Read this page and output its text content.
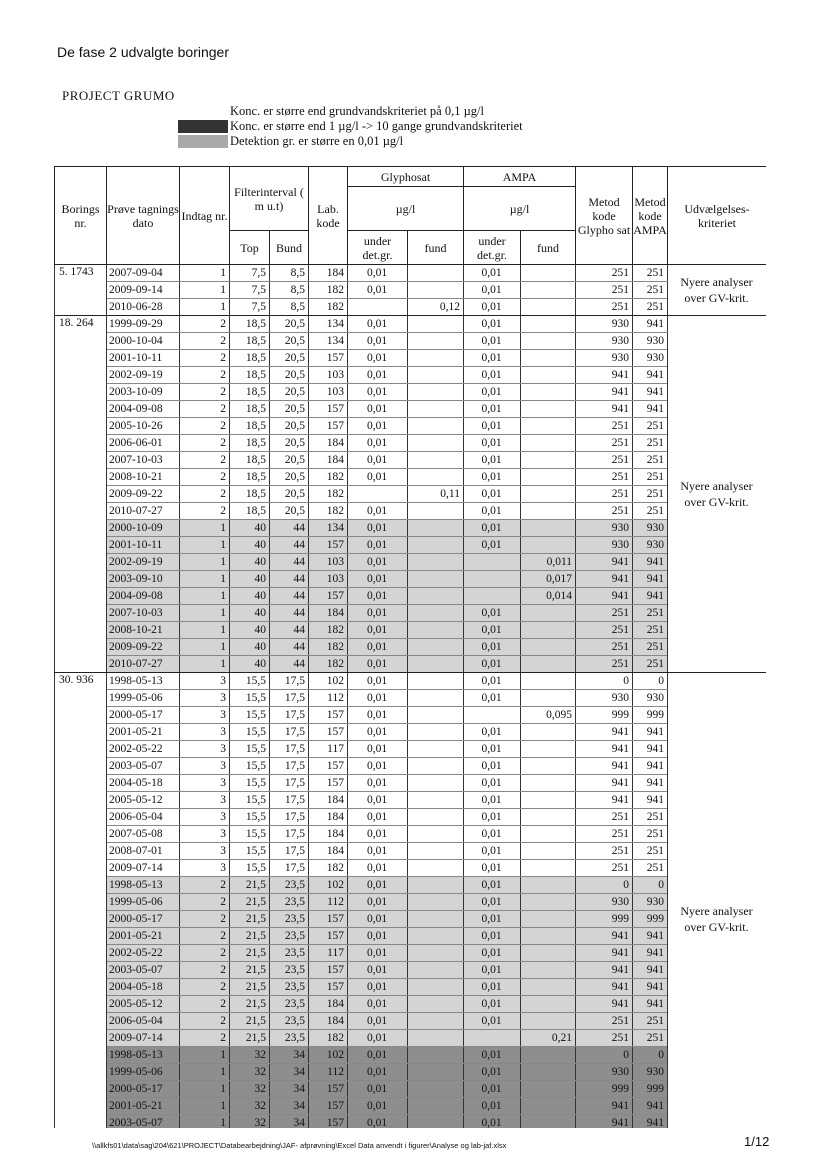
De fase 2 udvalgte boringer
PROJECT GRUMO
Konc. er større end grundvandskriteriet på 0,1 µg/l
Konc. er større end 1 µg/l -> 10 gange grundvandskriteriet
Detektion gr. er større en 0,01 µg/l
Borings nr.	Prøve tagnings dato	Indtag nr.	Filterinterval ( m u.t)		Lab. kode	Glyphosat		AMPA		Metod kode Glypho sat	Metod kode AMPA	Udvælgelses- kriteriet
						µg/l		µg/l				
			Top	Bund		under det.gr.	fund	under det.gr.	fund			
5. 1743	2007-09-04	1	7,5	8,5	184	0,01		0,01		251	251	Nyere analyser over GV-krit.
	2009-09-14	1	7,5	8,5	182	0,01		0,01		251	251	
	2010-06-28	1	7,5	8,5	182		0,12	0,01		251	251	
18. 264	1999-09-29	2	18,5	20,5	134	0,01		0,01		930	941	Nyere analyser over GV-krit.
	2000-10-04	2	18,5	20,5	134	0,01		0,01		930	930	
	2001-10-11	2	18,5	20,5	157	0,01		0,01		930	930	
	2002-09-19	2	18,5	20,5	103	0,01		0,01		941	941	
	2003-10-09	2	18,5	20,5	103	0,01		0,01		941	941	
	2004-09-08	2	18,5	20,5	157	0,01		0,01		941	941	
	2005-10-26	2	18,5	20,5	157	0,01		0,01		251	251	
	2006-06-01	2	18,5	20,5	184	0,01		0,01		251	251	
	2007-10-03	2	18,5	20,5	184	0,01		0,01		251	251	
	2008-10-21	2	18,5	20,5	182	0,01		0,01		251	251	
	2009-09-22	2	18,5	20,5	182		0,11	0,01		251	251	
	2010-07-27	2	18,5	20,5	182	0,01		0,01		251	251	
	2000-10-09	1	40	44	134	0,01		0,01		930	930	
	2001-10-11	1	40	44	157	0,01		0,01		930	930	
	2002-09-19	1	40	44	103	0,01			0,011	941	941	
	2003-09-10	1	40	44	103	0,01			0,017	941	941	
	2004-09-08	1	40	44	157	0,01			0,014	941	941	
	2007-10-03	1	40	44	184	0,01		0,01		251	251	
	2008-10-21	1	40	44	182	0,01		0,01		251	251	
	2009-09-22	1	40	44	182	0,01		0,01		251	251	
	2010-07-27	1	40	44	182	0,01		0,01		251	251	
30. 936	1998-05-13	3	15,5	17,5	102	0,01		0,01		0	0	Nyere analyser over GV-krit.
	1999-05-06	3	15,5	17,5	112	0,01		0,01		930	930	
	2000-05-17	3	15,5	17,5	157	0,01			0,095	999	999	
	2001-05-21	3	15,5	17,5	157	0,01		0,01		941	941	
	2002-05-22	3	15,5	17,5	117	0,01		0,01		941	941	
	2003-05-07	3	15,5	17,5	157	0,01		0,01		941	941	
	2004-05-18	3	15,5	17,5	157	0,01		0,01		941	941	
	2005-05-12	3	15,5	17,5	184	0,01		0,01		941	941	
	2006-05-04	3	15,5	17,5	184	0,01		0,01		251	251	
	2007-05-08	3	15,5	17,5	184	0,01		0,01		251	251	
	2008-07-01	3	15,5	17,5	184	0,01		0,01		251	251	
	2009-07-14	3	15,5	17,5	182	0,01		0,01		251	251	
	1998-05-13	2	21,5	23,5	102	0,01		0,01		0	0	
	1999-05-06	2	21,5	23,5	112	0,01		0,01		930	930	
	2000-05-17	2	21,5	23,5	157	0,01		0,01		999	999	
	2001-05-21	2	21,5	23,5	157	0,01		0,01		941	941	
	2002-05-22	2	21,5	23,5	117	0,01		0,01		941	941	
	2003-05-07	2	21,5	23,5	157	0,01		0,01		941	941	
	2004-05-18	2	21,5	23,5	157	0,01		0,01		941	941	
	2005-05-12	2	21,5	23,5	184	0,01		0,01		941	941	
	2006-05-04	2	21,5	23,5	184	0,01		0,01		251	251	
	2009-07-14	2	21,5	23,5	182	0,01			0,21	251	251	
	1998-05-13	1	32	34	102	0,01		0,01		0	0	
	1999-05-06	1	32	34	112	0,01		0,01		930	930	
	2000-05-17	1	32	34	157	0,01		0,01		999	999	
	2001-05-21	1	32	34	157	0,01		0,01		941	941	
	2003-05-07	1	32	34	157	0,01		0,01		941	941	

\\allkfs01\data\sag\204\621\PROJECT\Databearbejdning\JAF- afprøvning\Excel Data anvendt i figurer\Analyse og lab-jaf.xlsx	1/12
